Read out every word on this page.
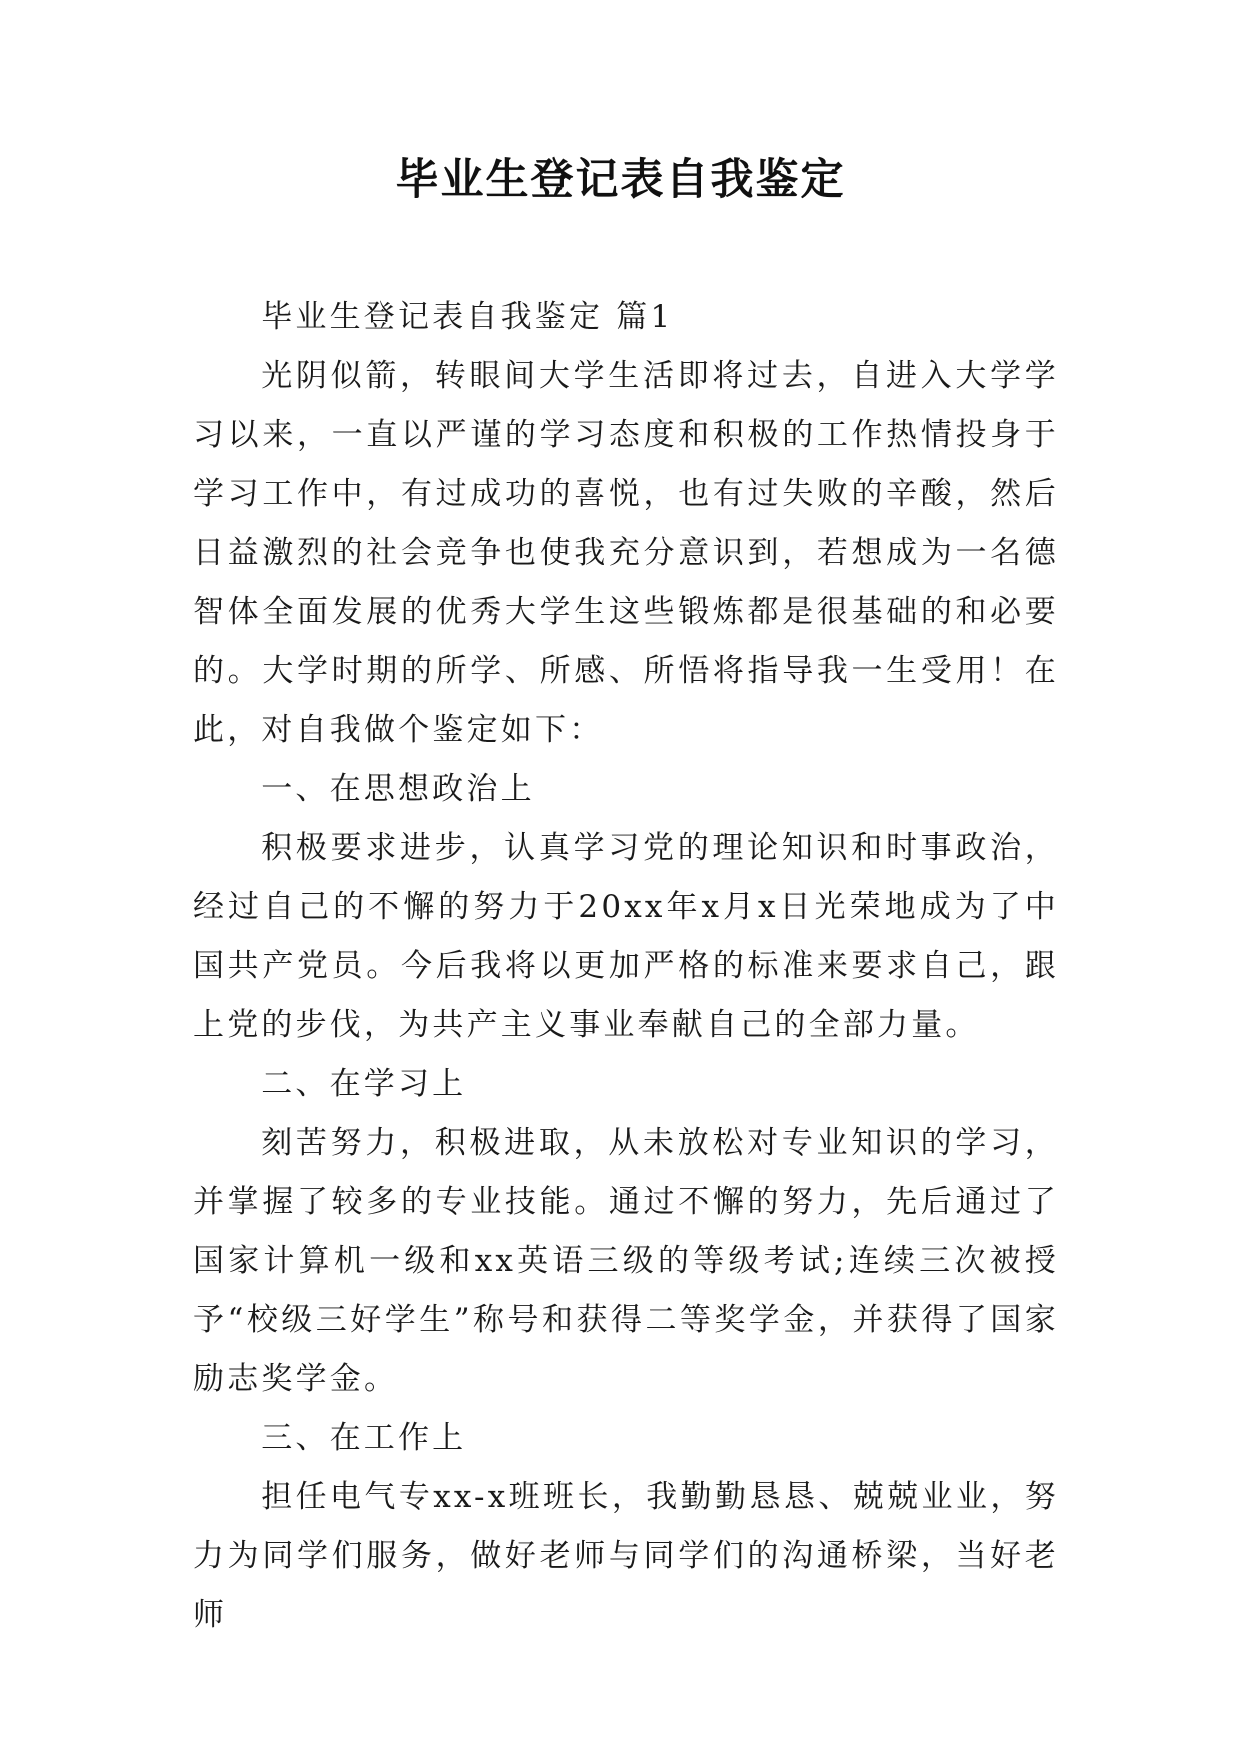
毕业生登记表自我鉴定

毕业生登记表自我鉴定 篇1

光阴似箭，转眼间大学生活即将过去，自进入大学学习以来，一直以严谨的学习态度和积极的工作热情投身于学习工作中，有过成功的喜悦，也有过失败的辛酸，然后日益激烈的社会竞争也使我充分意识到，若想成为一名德智体全面发展的优秀大学生这些锻炼都是很基础的和必要的。大学时期的所学、所感、所悟将指导我一生受用！在此，对自我做个鉴定如下：

一、在思想政治上

积极要求进步，认真学习党的理论知识和时事政治，经过自己的不懈的努力于20xx年x月x日光荣地成为了中国共产党员。今后我将以更加严格的标准来要求自己，跟上党的步伐，为共产主义事业奉献自己的全部力量。

二、在学习上

刻苦努力，积极进取，从未放松对专业知识的学习，并掌握了较多的专业技能。通过不懈的努力，先后通过了国家计算机一级和xx英语三级的等级考试;连续三次被授予“校级三好学生”称号和获得二等奖学金，并获得了国家励志奖学金。

三、在工作上

担任电气专xx-x班班长，我勤勤恳恳、兢兢业业，努力为同学们服务，做好老师与同学们的沟通桥梁，当好老师
